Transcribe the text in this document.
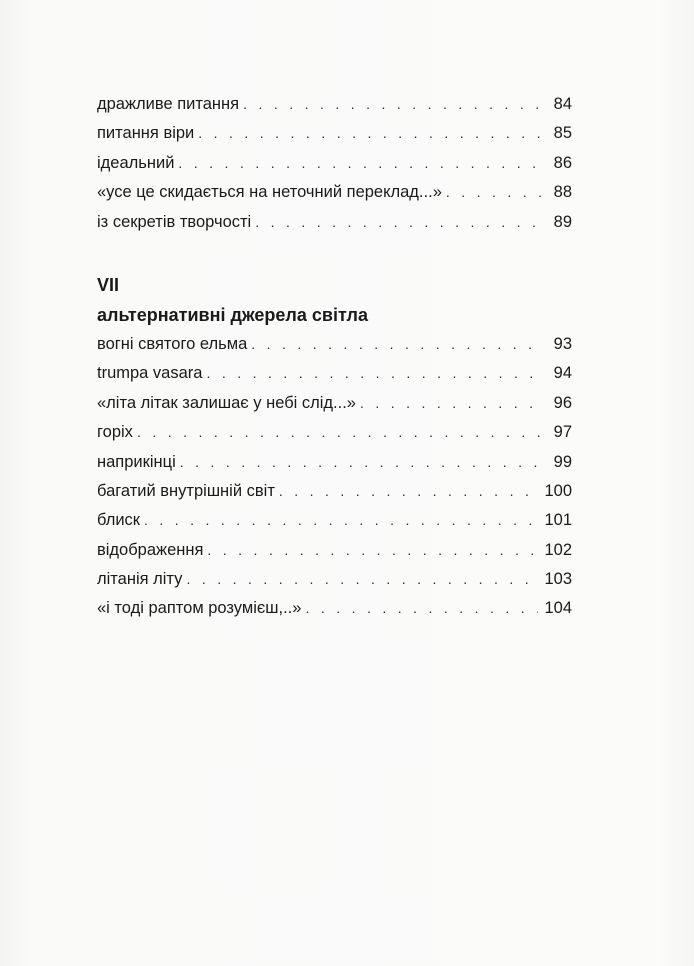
дражливе питання . . .	84
питання віри . . .	85
ідеальний . . .	86
«усе це скидається на неточний переклад...» . . .	88
із секретів творчості . . .	89
VII
альтернативні джерела світла
вогні святого ельма . . .	93
trumpa vasara . . .	94
«літа літак залишає у небі слід...» . . .	96
горіх . . .	97
наприкінці . . .	99
багатий внутрішній світ . . .	100
блиск . . .	101
відображення . . .	102
літанія літу . . .	103
«і тоді раптом розумієш,..» . . .	104
